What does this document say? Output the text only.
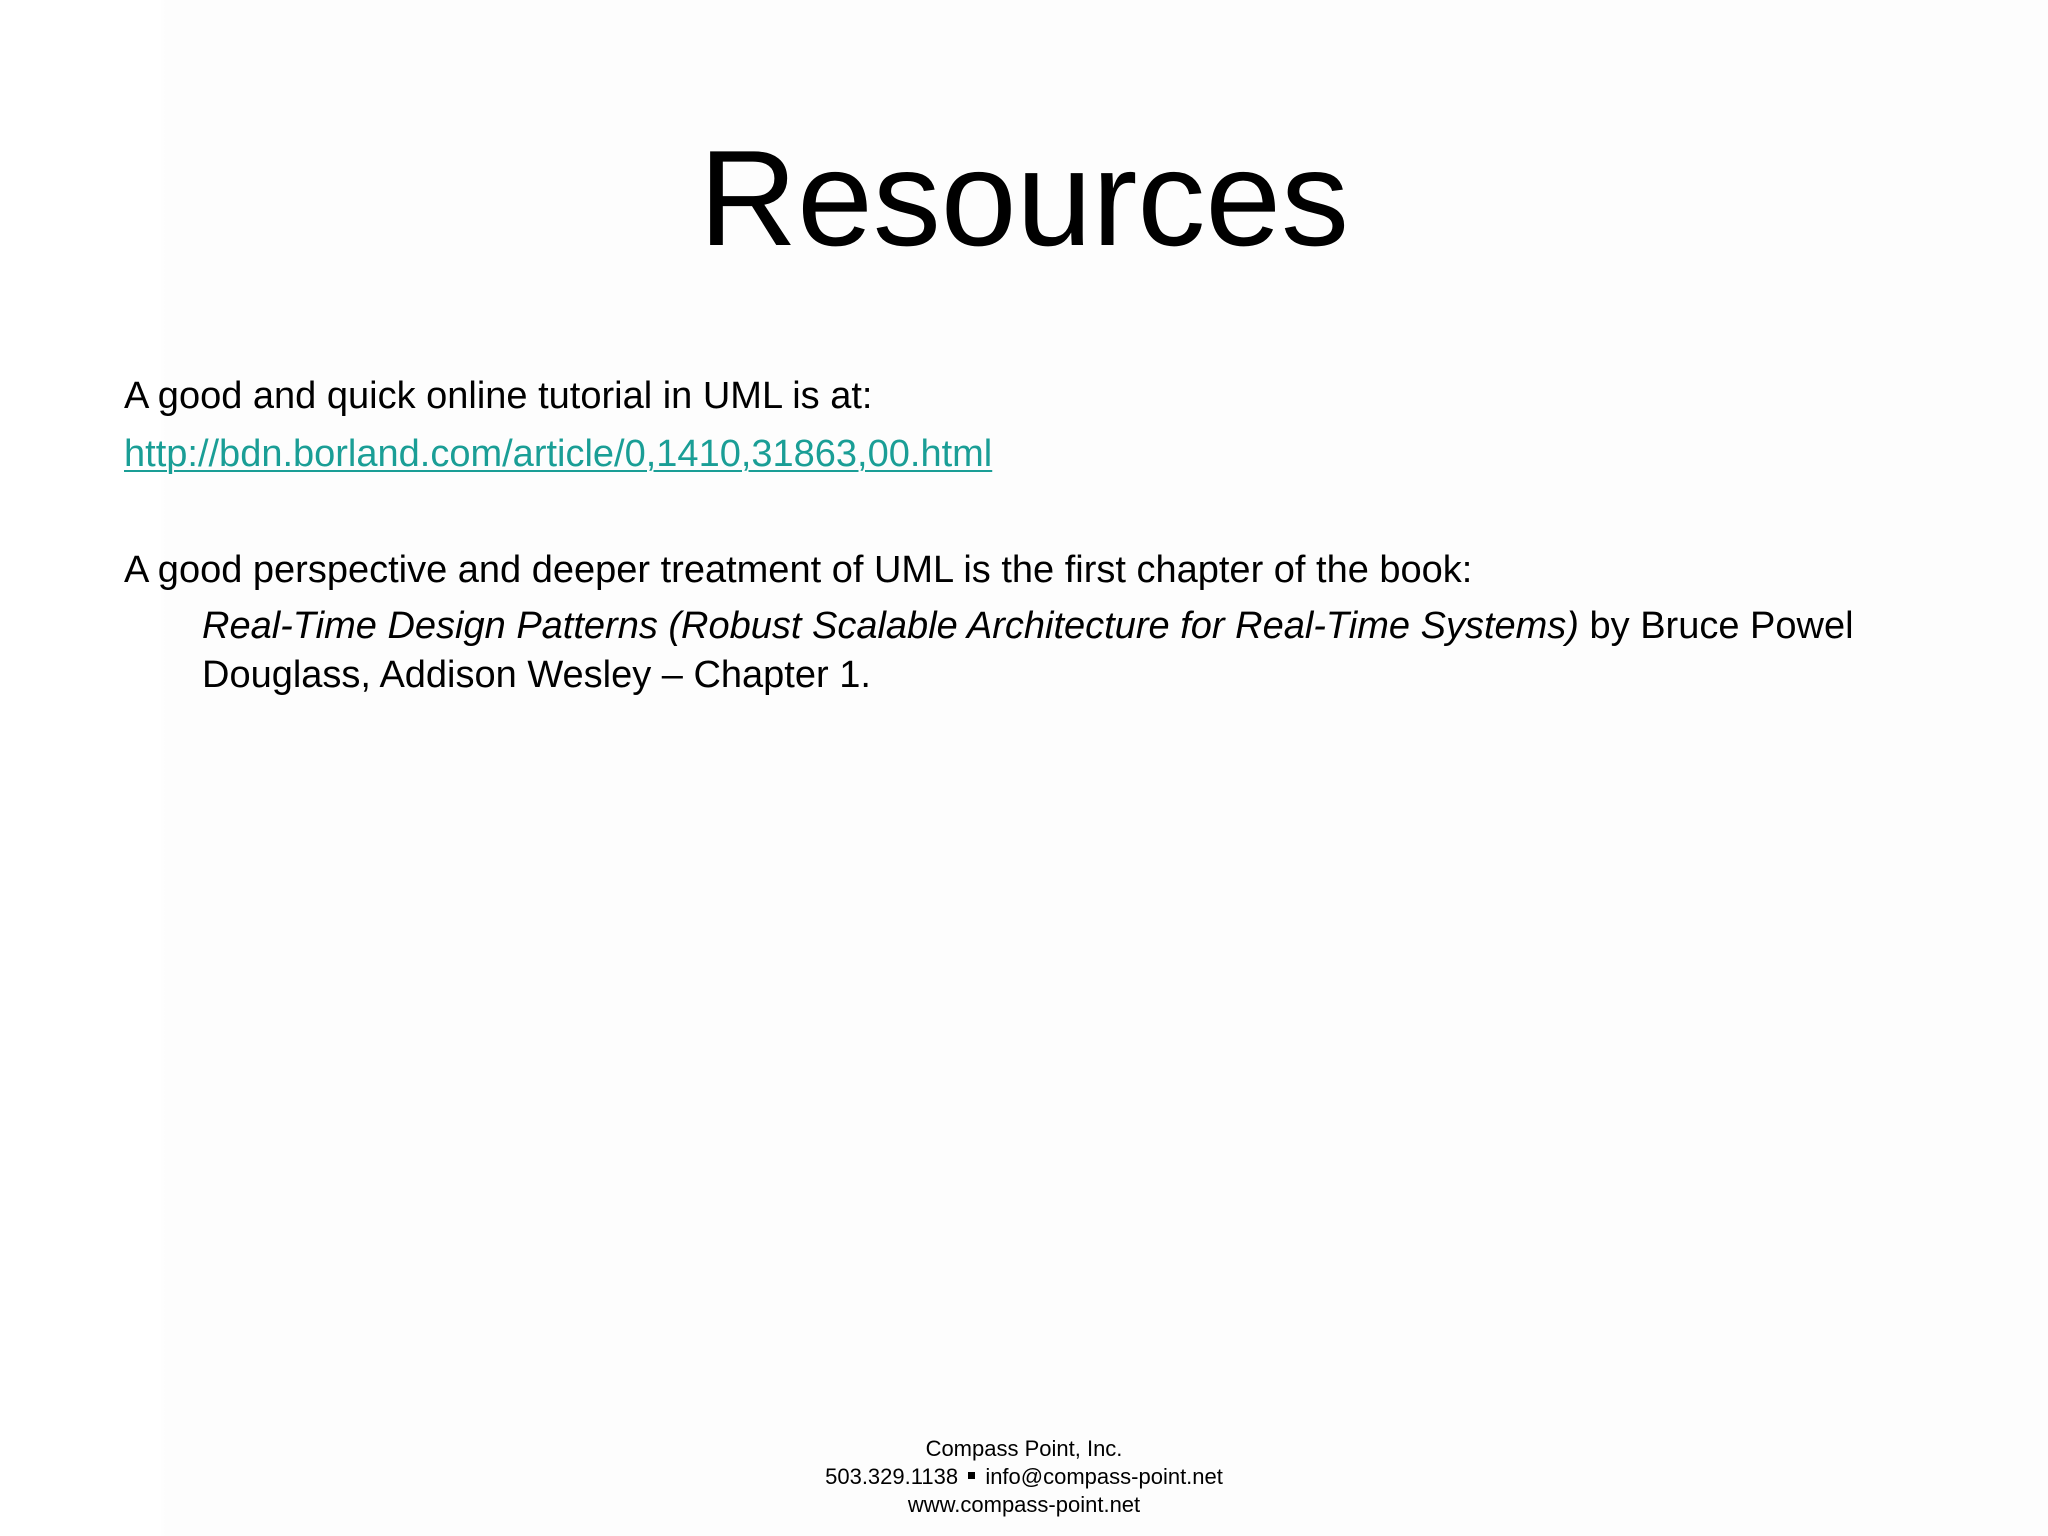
Resources

A good and quick online tutorial in UML is at:

http://bdn.borland.com/article/0,1410,31863,00.html

A good perspective and deeper treatment of UML is the first chapter of the book:

Real-Time Design Patterns (Robust Scalable Architecture for Real-Time Systems) by Bruce Powel Douglass, Addison Wesley – Chapter 1.

Compass Point, Inc.
503.329.1138 info@compass-point.net
www.compass-point.net
